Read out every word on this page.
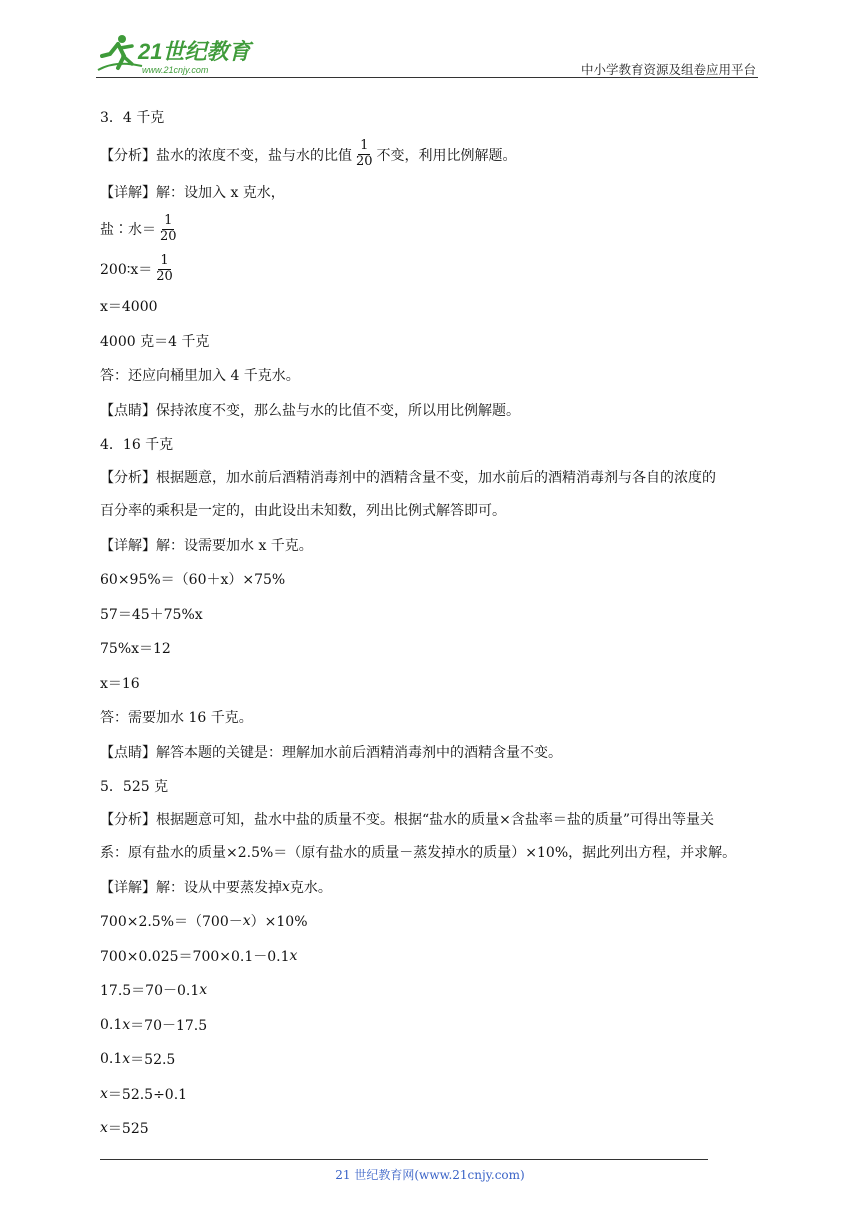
21世纪教育
www.21cnjy.com	中小学教育资源及组卷应用平台
3．4 千克
【分析】盐水的浓度不变，盐与水的比值 $\frac{1}{20}$ 不变，利用比例解题。
【详解】解：设加入 x 克水，
盐∶水＝ $\frac{1}{20}$
200∶x＝ $\frac{1}{20}$
x＝4000
4000 克＝4 千克
答：还应向桶里加入 4 千克水。
【点睛】保持浓度不变，那么盐与水的比值不变，所以用比例解题。
4．16 千克
【分析】根据题意，加水前后酒精消毒剂中的酒精含量不变，加水前后的酒精消毒剂与各自的浓度的
百分率的乘积是一定的，由此设出未知数，列出比例式解答即可。
【详解】解：设需要加水 x 千克。
60×95%＝（60＋x）×75%
57＝45＋75%x
75%x＝12
x＝16
答：需要加水 16 千克。
【点睛】解答本题的关键是：理解加水前后酒精消毒剂中的酒精含量不变。
5．525 克
【分析】根据题意可知，盐水中盐的质量不变。根据“盐水的质量×含盐率＝盐的质量”可得出等量关
系：原有盐水的质量×2.5%＝（原有盐水的质量－蒸发掉水的质量）×10%，据此列出方程，并求解。
【详解】解：设从中要蒸发掉 x 克水。
700×2.5%＝（700－ x ）×10%
700×0.025＝700×0.1－0.1 x
17.5＝70－0.1 x
0.1 x ＝70－17.5
0.1 x ＝52.5
x ＝52.5÷0.1
x ＝525
21 世纪教育网(www.21cnjy.com)
